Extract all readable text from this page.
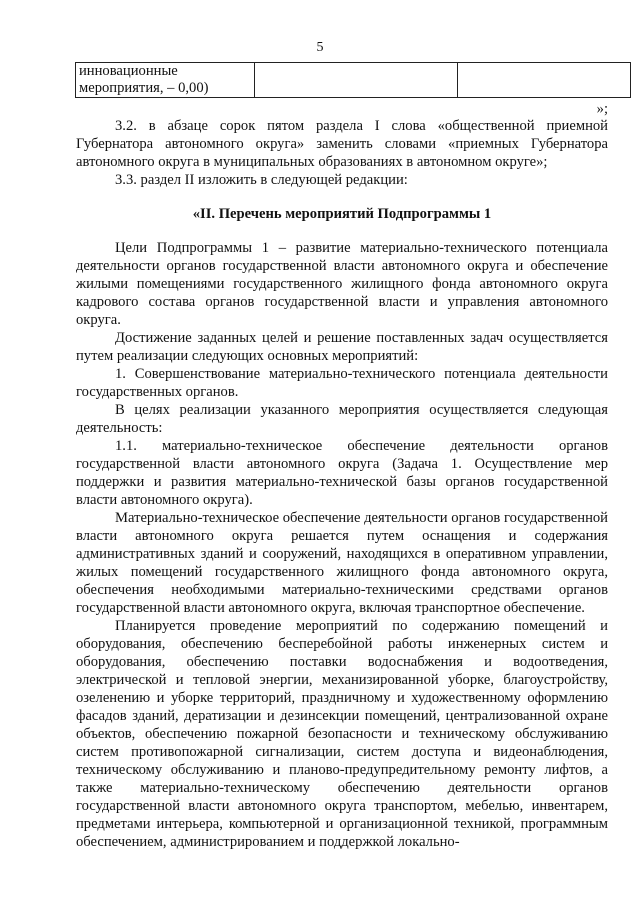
5
инновационные мероприятия, – 0,00)		
»;

3.2. в абзаце сорок пятом раздела I слова «общественной приемной Губернатора автономного округа» заменить словами «приемных Губернатора автономного округа в муниципальных образованиях в автономном округе»;

3.3. раздел II изложить в следующей редакции:

«II. Перечень мероприятий Подпрограммы 1

Цели Подпрограммы 1 – развитие материально-технического потенциала деятельности органов государственной власти автономного округа и обеспечение жилыми помещениями государственного жилищного фонда автономного округа кадрового состава органов государственной власти и управления автономного округа.

Достижение заданных целей и решение поставленных задач осуществляется путем реализации следующих основных мероприятий:

1. Совершенствование материально-технического потенциала деятельности государственных органов.

В целях реализации указанного мероприятия осуществляется следующая деятельность:

1.1. материально-техническое обеспечение деятельности органов государственной власти автономного округа (Задача 1. Осуществление мер поддержки и развития материально-технической базы органов государственной власти автономного округа).

Материально-техническое обеспечение деятельности органов государственной власти автономного округа решается путем оснащения и содержания административных зданий и сооружений, находящихся в оперативном управлении, жилых помещений государственного жилищного фонда автономного округа, обеспечения необходимыми материально-техническими средствами органов государственной власти автономного округа, включая транспортное обеспечение.

Планируется проведение мероприятий по содержанию помещений и оборудования, обеспечению бесперебойной работы инженерных систем и оборудования, обеспечению поставки водоснабжения и водоотведения, электрической и тепловой энергии, механизированной уборке, благоустройству, озеленению и уборке территорий, праздничному и художественному оформлению фасадов зданий, дератизации и дезинсекции помещений, централизованной охране объектов, обеспечению пожарной безопасности и техническому обслуживанию систем противопожарной сигнализации, систем доступа и видеонаблюдения, техническому обслуживанию и планово-предупредительному ремонту лифтов, а также материально-техническому обеспечению деятельности органов государственной власти автономного округа транспортом, мебелью, инвентарем, предметами интерьера, компьютерной и организационной техникой, программным обеспечением, администрированием и поддержкой локально-
